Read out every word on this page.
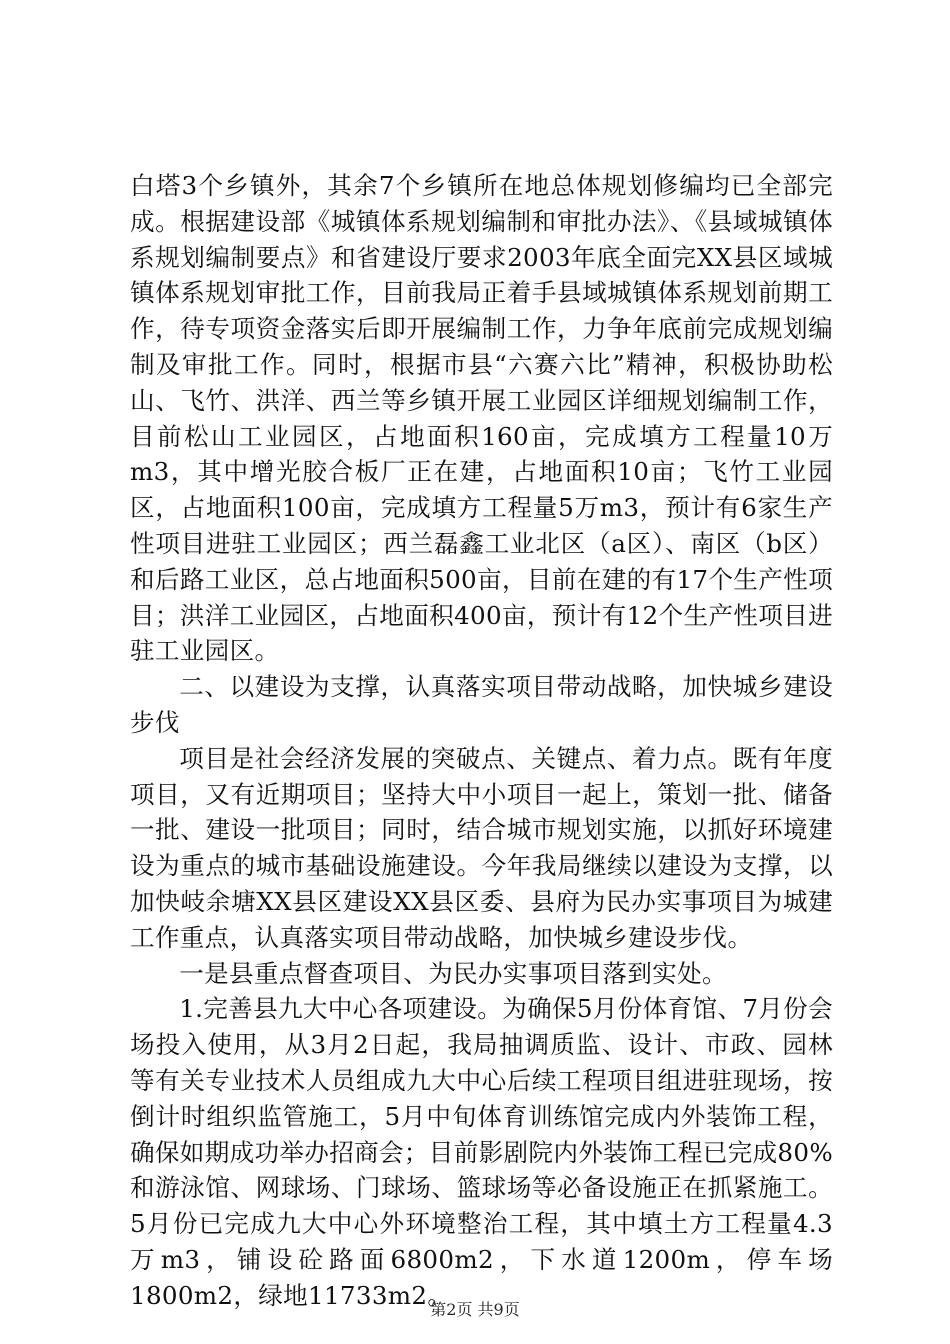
白塔3个乡镇外，其余7个乡镇所在地总体规划修编均已全部完成。根据建设部《城镇体系规划编制和审批办法》、《县域城镇体系规划编制要点》和省建设厅要求2003年底全面完XX县区域城镇体系规划审批工作，目前我局正着手县域城镇体系规划前期工作，待专项资金落实后即开展编制工作，力争年底前完成规划编制及审批工作。同时，根据市县“六赛六比”精神，积极协助松山、飞竹、洪洋、西兰等乡镇开展工业园区详细规划编制工作，目前松山工业园区，占地面积160亩，完成填方工程量10万m3，其中增光胶合板厂正在建，占地面积10亩；飞竹工业园区，占地面积100亩，完成填方工程量5万m3，预计有6家生产性项目进驻工业园区；西兰磊鑫工业北区（a区）、南区（b区）和后路工业区，总占地面积500亩，目前在建的有17个生产性项目；洪洋工业园区，占地面积400亩，预计有12个生产性项目进驻工业园区。

二、以建设为支撑，认真落实项目带动战略，加快城乡建设步伐

项目是社会经济发展的突破点、关键点、着力点。既有年度项目，又有近期项目；坚持大中小项目一起上，策划一批、储备一批、建设一批项目；同时，结合城市规划实施，以抓好环境建设为重点的城市基础设施建设。今年我局继续以建设为支撑，以加快岐余塘XX县区建设XX县区委、县府为民办实事项目为城建工作重点，认真落实项目带动战略，加快城乡建设步伐。

一是县重点督查项目、为民办实事项目落到实处。

1.完善县九大中心各项建设。为确保5月份体育馆、7月份会场投入使用，从3月2日起，我局抽调质监、设计、市政、园林等有关专业技术人员组成九大中心后续工程项目组进驻现场，按倒计时组织监管施工，5月中旬体育训练馆完成内外装饰工程，确保如期成功举办招商会；目前影剧院内外装饰工程已完成80%和游泳馆、网球场、门球场、篮球场等必备设施正在抓紧施工。5月份已完成九大中心外环境整治工程，其中填土方工程量4.3万m3，铺设砼路面6800m2，下水道1200m，停车场1800m2，绿地11733m2。

第2页 共9页
